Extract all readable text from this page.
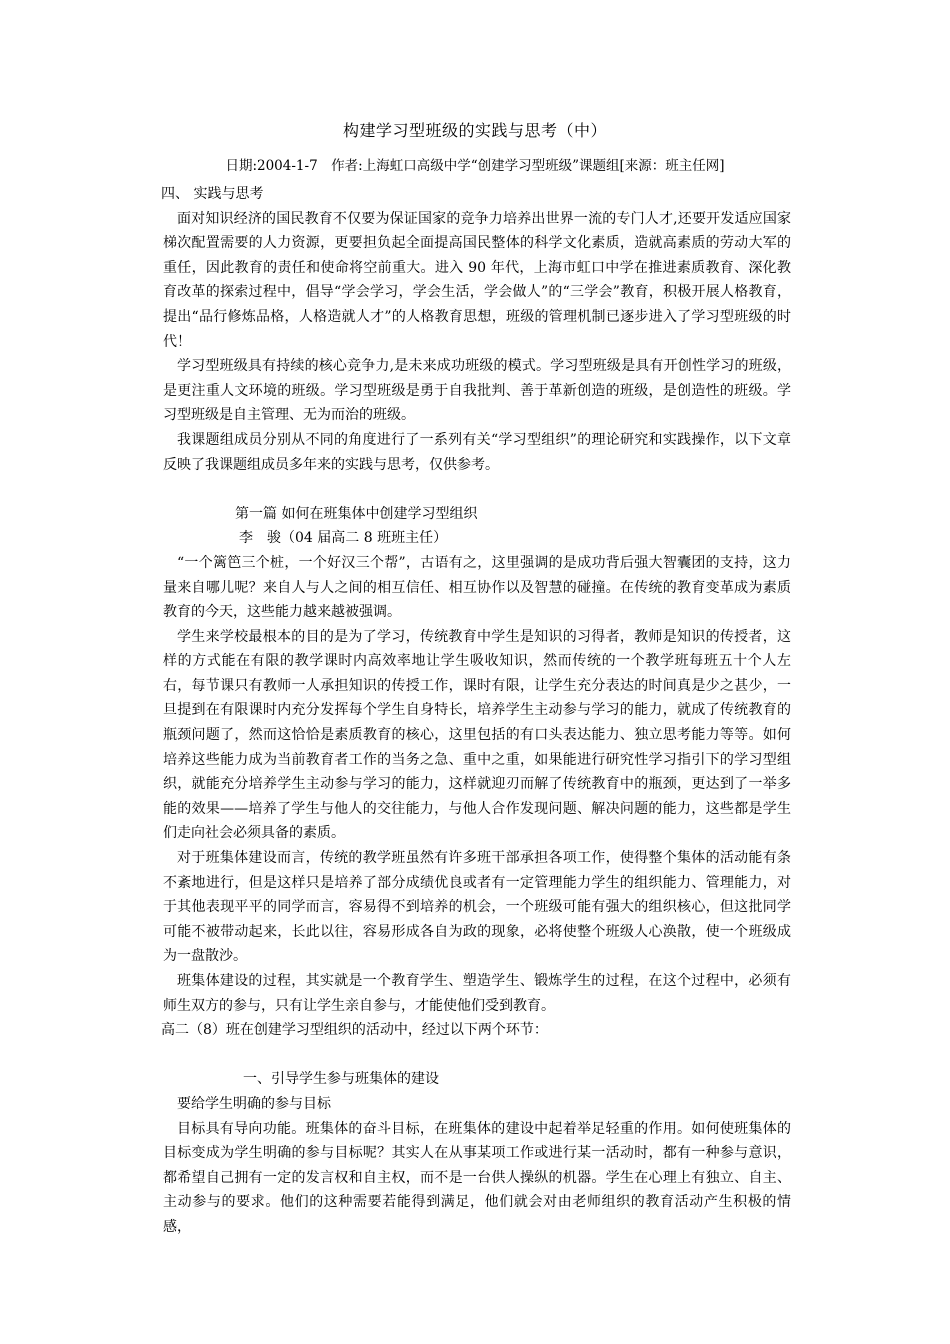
构建学习型班级的实践与思考（中）
日期:2004-1-7　作者:上海虹口高级中学“创建学习型班级”课题组[来源：班主任网]

四、 实践与思考

面对知识经济的国民教育不仅要为保证国家的竞争力培养出世界一流的专门人才,还要开发适应国家梯次配置需要的人力资源，更要担负起全面提高国民整体的科学文化素质，造就高素质的劳动大军的重任，因此教育的责任和使命将空前重大。进入 90 年代，上海市虹口中学在推进素质教育、深化教育改革的探索过程中，倡导“学会学习，学会生活，学会做人”的“三学会”教育，积极开展人格教育，提出“品行修炼品格，人格造就人才”的人格教育思想，班级的管理机制已逐步进入了学习型班级的时代！

学习型班级具有持续的核心竞争力,是未来成功班级的模式。学习型班级是具有开创性学习的班级，是更注重人文环境的班级。学习型班级是勇于自我批判、善于革新创造的班级，是创造性的班级。学习型班级是自主管理、无为而治的班级。

我课题组成员分别从不同的角度进行了一系列有关“学习型组织”的理论研究和实践操作，以下文章反映了我课题组成员多年来的实践与思考，仅供参考。

第一篇 如何在班集体中创建学习型组织

李　骏（04 届高二 8 班班主任）

“一个篱笆三个桩，一个好汉三个帮”，古语有之，这里强调的是成功背后强大智囊团的支持，这力量来自哪儿呢？来自人与人之间的相互信任、相互协作以及智慧的碰撞。在传统的教育变革成为素质教育的今天，这些能力越来越被强调。

学生来学校最根本的目的是为了学习，传统教育中学生是知识的习得者，教师是知识的传授者，这样的方式能在有限的教学课时内高效率地让学生吸收知识，然而传统的一个教学班每班五十个人左右，每节课只有教师一人承担知识的传授工作，课时有限，让学生充分表达的时间真是少之甚少，一旦提到在有限课时内充分发挥每个学生自身特长，培养学生主动参与学习的能力，就成了传统教育的瓶颈问题了，然而这恰恰是素质教育的核心，这里包括的有口头表达能力、独立思考能力等等。如何培养这些能力成为当前教育者工作的当务之急、重中之重，如果能进行研究性学习指引下的学习型组织，就能充分培养学生主动参与学习的能力，这样就迎刃而解了传统教育中的瓶颈，更达到了一举多能的效果——培养了学生与他人的交往能力，与他人合作发现问题、解决问题的能力，这些都是学生们走向社会必须具备的素质。

对于班集体建设而言，传统的教学班虽然有许多班干部承担各项工作，使得整个集体的活动能有条不紊地进行，但是这样只是培养了部分成绩优良或者有一定管理能力学生的组织能力、管理能力，对于其他表现平平的同学而言，容易得不到培养的机会，一个班级可能有强大的组织核心，但这批同学可能不被带动起来，长此以往，容易形成各自为政的现象，必将使整个班级人心涣散，使一个班级成为一盘散沙。

班集体建设的过程，其实就是一个教育学生、塑造学生、锻炼学生的过程，在这个过程中，必须有师生双方的参与，只有让学生亲自参与，才能使他们受到教育。

高二（8）班在创建学习型组织的活动中，经过以下两个环节：

一、引导学生参与班集体的建设

要给学生明确的参与目标

目标具有导向功能。班集体的奋斗目标，在班集体的建设中起着举足轻重的作用。如何使班集体的目标变成为学生明确的参与目标呢？其实人在从事某项工作或进行某一活动时，都有一种参与意识，都希望自己拥有一定的发言权和自主权，而不是一台供人操纵的机器。学生在心理上有独立、自主、主动参与的要求。他们的这种需要若能得到满足，他们就会对由老师组织的教育活动产生积极的情感，
